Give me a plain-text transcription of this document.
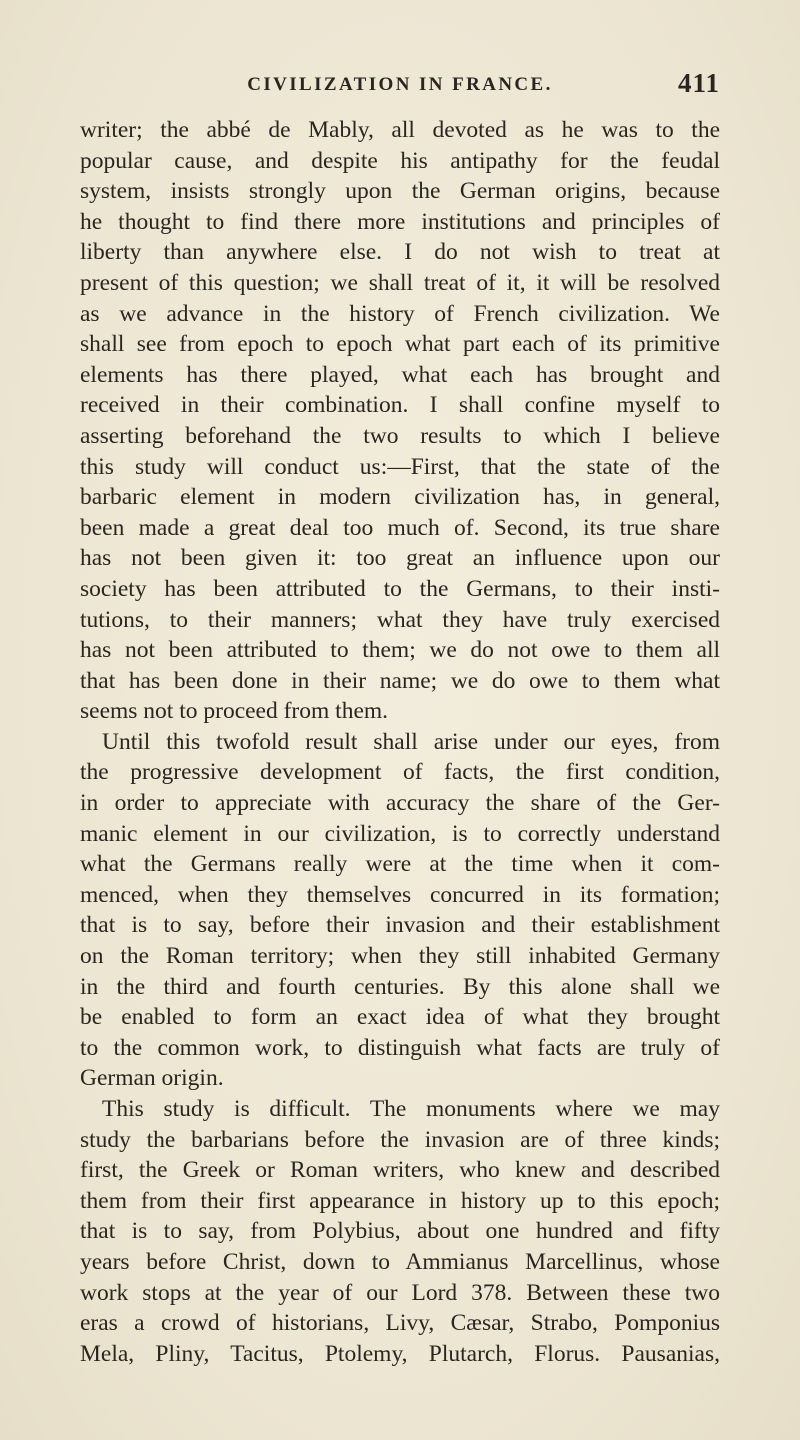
CIVILIZATION IN FRANCE.	411
writer; the abbé de Mably, all devoted as he was to the
popular cause, and despite his antipathy for the feudal
system, insists strongly upon the German origins, because
he thought to find there more institutions and principles of
liberty than anywhere else. I do not wish to treat at
present of this question; we shall treat of it, it will be resolved
as we advance in the history of French civilization. We
shall see from epoch to epoch what part each of its primitive
elements has there played, what each has brought and
received in their combination. I shall confine myself to
asserting beforehand the two results to which I believe
this study will conduct us:—First, that the state of the
barbaric element in modern civilization has, in general,
been made a great deal too much of. Second, its true share
has not been given it: too great an influence upon our
society has been attributed to the Germans, to their insti-
tutions, to their manners; what they have truly exercised
has not been attributed to them; we do not owe to them all
that has been done in their name; we do owe to them what
seems not to proceed from them.
Until this twofold result shall arise under our eyes, from
the progressive development of facts, the first condition,
in order to appreciate with accuracy the share of the Ger-
manic element in our civilization, is to correctly understand
what the Germans really were at the time when it com-
menced, when they themselves concurred in its formation;
that is to say, before their invasion and their establishment
on the Roman territory; when they still inhabited Germany
in the third and fourth centuries. By this alone shall we
be enabled to form an exact idea of what they brought
to the common work, to distinguish what facts are truly of
German origin.
This study is difficult. The monuments where we may
study the barbarians before the invasion are of three kinds;
first, the Greek or Roman writers, who knew and described
them from their first appearance in history up to this epoch;
that is to say, from Polybius, about one hundred and fifty
years before Christ, down to Ammianus Marcellinus, whose
work stops at the year of our Lord 378. Between these two
eras a crowd of historians, Livy, Cæsar, Strabo, Pomponius
Mela, Pliny, Tacitus, Ptolemy, Plutarch, Florus. Pausanias,
